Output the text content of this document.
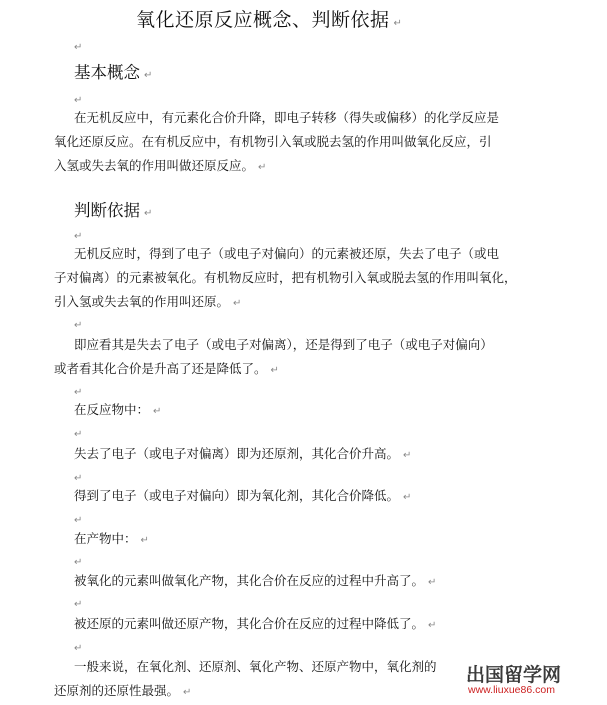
氧化还原反应概念、判断依据 ↵
↵
基本概念 ↵
↵
在无机反应中，有元素化合价升降，即电子转移（得失或偏移）的化学反应是
氧化还原反应。在有机反应中，有机物引入氧或脱去氢的作用叫做氧化反应，引
入氢或失去氧的作用叫做还原反应。 ↵
判断依据 ↵
↵
无机反应时，得到了电子（或电子对偏向）的元素被还原，失去了电子（或电
子对偏离）的元素被氧化。有机物反应时，把有机物引入氧或脱去氢的作用叫氧化，
引入氢或失去氧的作用叫还原。 ↵
↵
即应看其是失去了电子（或电子对偏离），还是得到了电子（或电子对偏向）
或者看其化合价是升高了还是降低了。 ↵
↵
在反应物中： ↵
↵
失去了电子（或电子对偏离）即为还原剂，其化合价升高。 ↵
↵
得到了电子（或电子对偏向）即为氧化剂，其化合价降低。 ↵
↵
在产物中： ↵
↵
被氧化的元素叫做氧化产物，其化合价在反应的过程中升高了。 ↵
↵
被还原的元素叫做还原产物，其化合价在反应的过程中降低了。 ↵
↵
一般来说，在氧化剂、还原剂、氧化产物、还原产物中，氧化剂的
还原剂的还原性最强。 ↵
出国留学网
www.liuxue86.com
